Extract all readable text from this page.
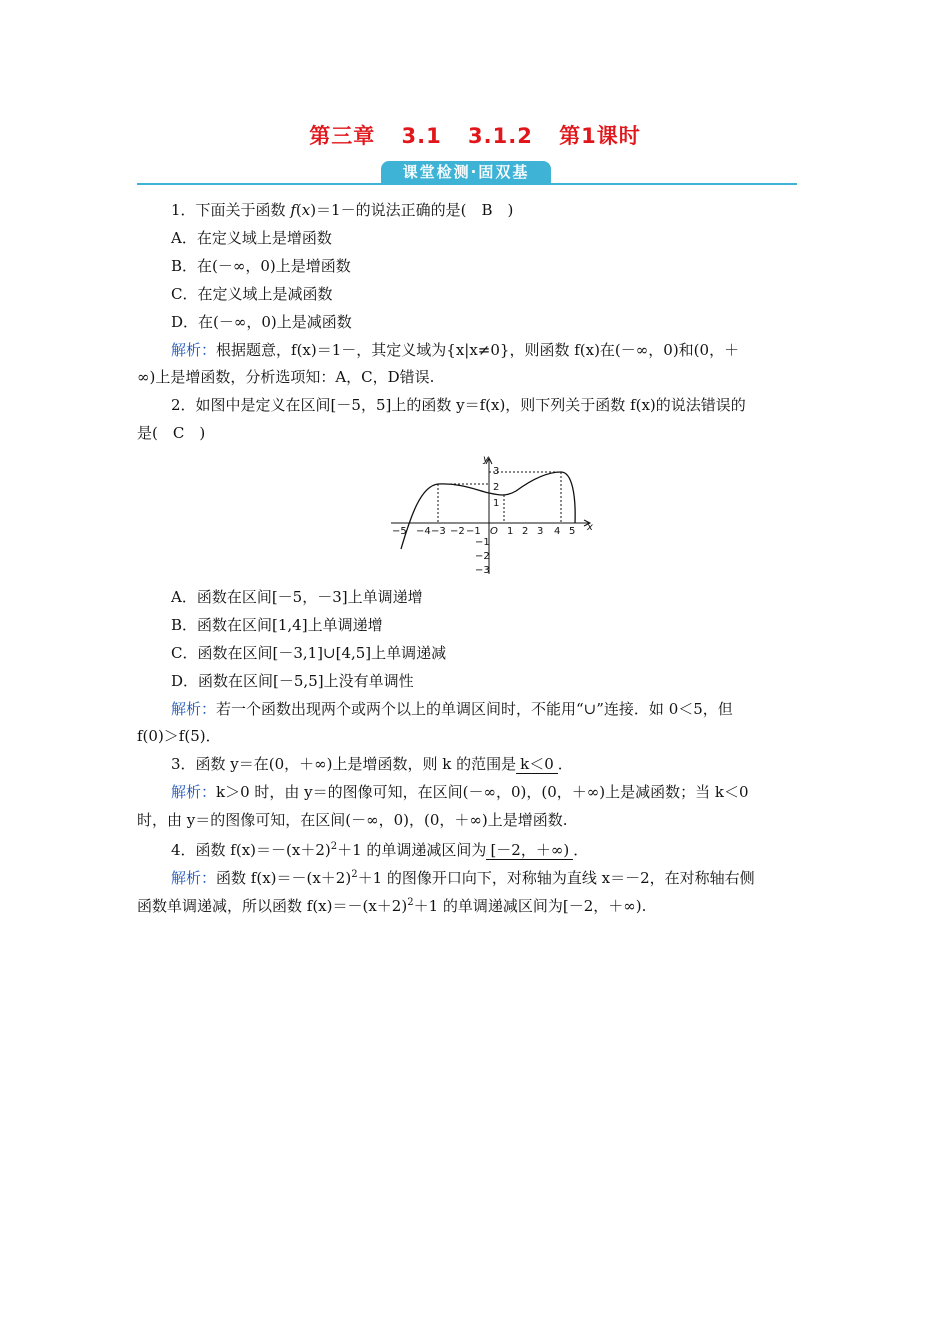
第三章 3.1 3.1.2 第1课时
课堂检测·固双基
1．下面关于函数 f(x)＝1－的说法正确的是(　B　)
A．在定义域上是增函数
B．在(－∞，0)上是增函数
C．在定义域上是减函数
D．在(－∞，0)上是减函数
解析：根据题意，f(x)＝1－，其定义域为{x|x≠0}，则函数 f(x)在(－∞，0)和(0，＋
∞)上是增函数，分析选项知：A，C，D错误.
2．如图中是定义在区间[－5，5]上的函数 y＝f(x)，则下列关于函数 f(x)的说法错误的
是(　C　)
y
x
O
−5 −4 −3 −2 −1	1 2 3 4 5
3
2
1
−1
−2
−3
A．函数在区间[－5，－3]上单调递增
B．函数在区间[1,4]上单调递增
C．函数在区间[－3,1]∪[4,5]上单调递减
D．函数在区间[－5,5]上没有单调性
解析：若一个函数出现两个或两个以上的单调区间时，不能用“∪”连接．如 0＜5，但
f(0)＞f(5)．
3．函数 y＝在(0，＋∞)上是增函数，则 k 的范围是 k＜0 ．
解析：k＞0 时，由 y＝的图像可知，在区间(－∞，0)，(0，＋∞)上是减函数；当 k＜0
时，由 y＝的图像可知，在区间(－∞，0)，(0，＋∞)上是增函数.
4．函数 $f(x)=-(x+2)^2+1$ 的单调递减区间为 [－2，＋∞) ．
解析：函数 $f(x)=-(x+2)^2+1$ 的图像开口向下，对称轴为直线 x＝－2，在对称轴右侧
函数单调递减，所以函数 $f(x)=-(x+2)^2+1$ 的单调递减区间为[－2，＋∞).
